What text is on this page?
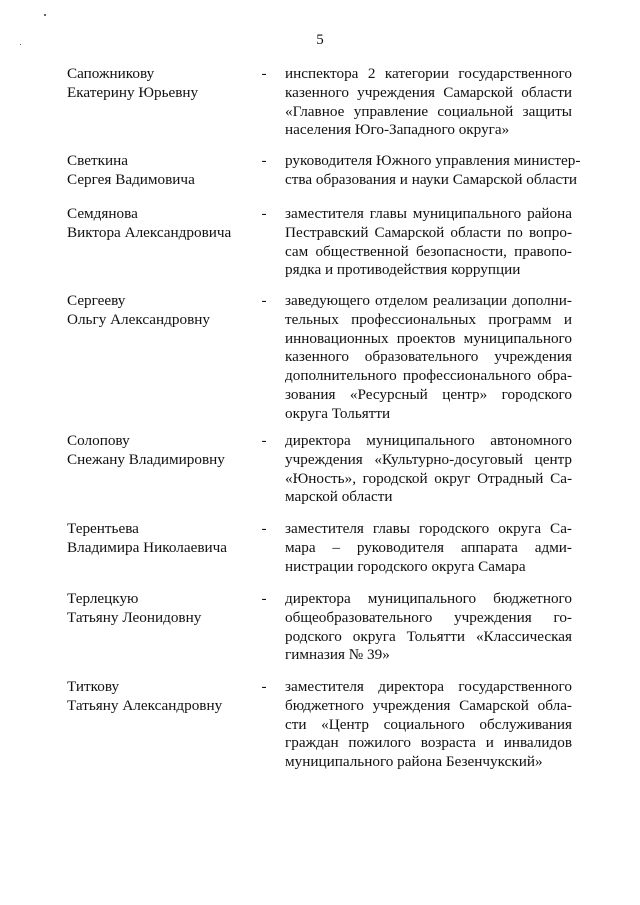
5
Сапожникову
Екатерину Юрьевну
- инспектора 2 категории государственного
казенного учреждения Самарской области
«Главное управление социальной защиты
населения Юго-Западного округа»
Светкина
Сергея Вадимовича
- руководителя Южного управления министер-
ства образования и науки Самарской области
Семдянова
Виктора Александровича
- заместителя главы муниципального района
Пестравский Самарской области по вопро-
сам общественной безопасности, правопо-
рядка и противодействия коррупции
Сергееву
Ольгу Александровну
- заведующего отделом реализации дополни-
тельных профессиональных программ и
инновационных проектов муниципального
казенного образовательного учреждения
дополнительного профессионального обра-
зования «Ресурсный центр» городского
округа Тольятти
Солопову
Снежану Владимировну
- директора муниципального автономного
учреждения «Культурно-досуговый центр
«Юность», городской округ Отрадный Са-
марской области
Терентьева
Владимира Николаевича
- заместителя главы городского округа Са-
мара – руководителя аппарата адми-
нистрации городского округа Самара
Терлецкую
Татьяну Леонидовну
- директора муниципального бюджетного
общеобразовательного учреждения го-
родского округа Тольятти «Классическая
гимназия № 39»
Титкову
Татьяну Александровну
- заместителя директора государственного
бюджетного учреждения Самарской обла-
сти «Центр социального обслуживания
граждан пожилого возраста и инвалидов
муниципального района Безенчукский»
